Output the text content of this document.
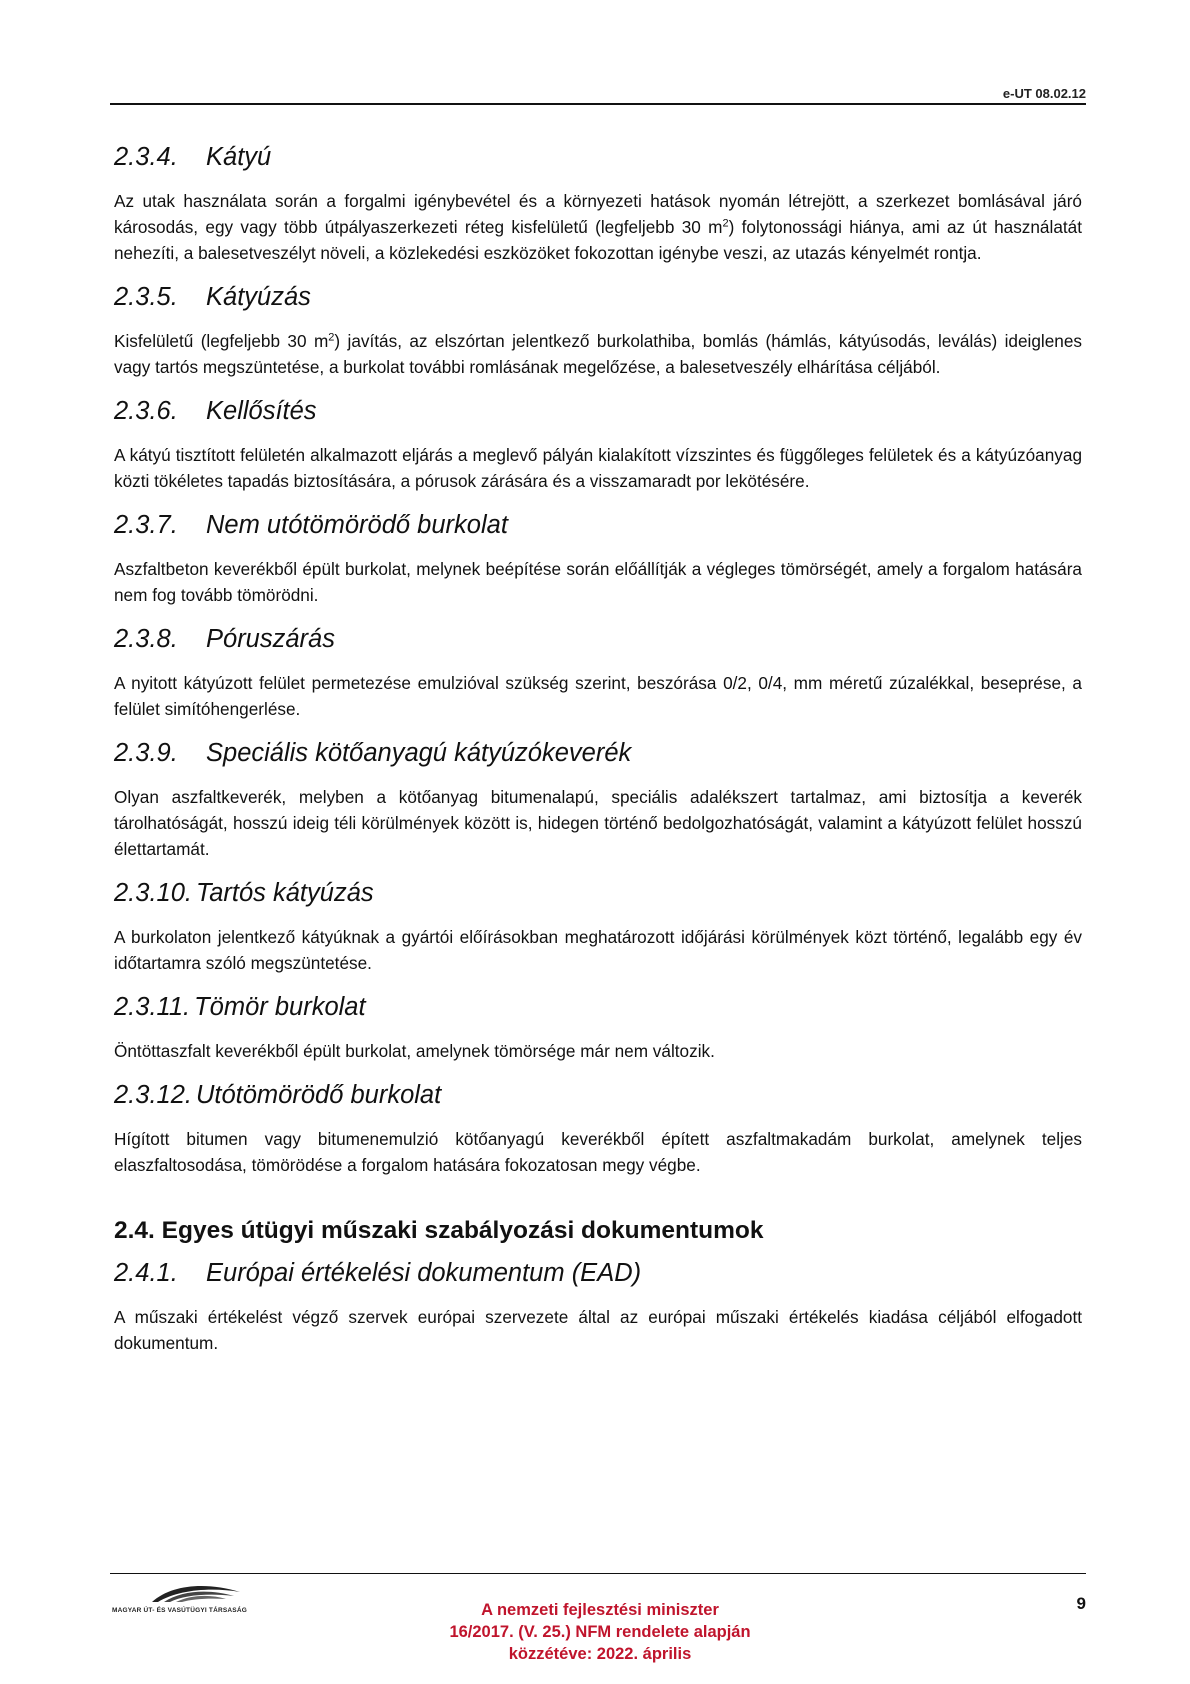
e-UT 08.02.12
2.3.4.	Kátyú

Az utak használata során a forgalmi igénybevétel és a környezeti hatások nyomán létrejött, a szerkezet bomlásával járó károsodás, egy vagy több útpályaszerkezeti réteg kisfelületű (legfeljebb 30 $m^2$) folytonossági hiánya, ami az út használatát nehezíti, a balesetveszélyt növeli, a közlekedési eszközöket fokozottan igénybe veszi, az utazás kényelmét rontja.

2.3.5.	Kátyúzás

Kisfelületű (legfeljebb 30 $m^2$) javítás, az elszórtan jelentkező burkolathiba, bomlás (hámlás, kátyúsodás, leválás) ideiglenes vagy tartós megszüntetése, a burkolat további romlásának megelőzése, a balesetveszély elhárítása céljából.

2.3.6.	Kellősítés

A kátyú tisztított felületén alkalmazott eljárás a meglevő pályán kialakított vízszintes és függőleges felületek és a kátyúzóanyag közti tökéletes tapadás biztosítására, a pórusok zárására és a visszamaradt por lekötésére.

2.3.7.	Nem utótömörödő burkolat

Aszfaltbeton keverékből épült burkolat, melynek beépítése során előállítják a végleges tömörségét, amely a forgalom hatására nem fog tovább tömörödni.

2.3.8.	Póruszárás

A nyitott kátyúzott felület permetezése emulzióval szükség szerint, beszórása 0/2, 0/4, mm méretű zúzalékkal, beseprése, a felület simítóhengerlése.

2.3.9.	Speciális kötőanyagú kátyúzókeverék

Olyan aszfaltkeverék, melyben a kötőanyag bitumenalapú, speciális adalékszert tartalmaz, ami biztosítja a keverék tárolhatóságát, hosszú ideig téli körülmények között is, hidegen történő bedolgozhatóságát, valamint a kátyúzott felület hosszú élettartamát.

2.3.10. Tartós kátyúzás

A burkolaton jelentkező kátyúknak a gyártói előírásokban meghatározott időjárási körülmények közt történő, legalább egy év időtartamra szóló megszüntetése.

2.3.11. Tömör burkolat

Öntöttaszfalt keverékből épült burkolat, amelynek tömörsége már nem változik.

2.3.12. Utótömörödő burkolat

Hígított bitumen vagy bitumenemulzió kötőanyagú keverékből épített aszfaltmakadám burkolat, amelynek teljes elaszfaltosodása, tömörödése a forgalom hatására fokozatosan megy végbe.

2.4. Egyes útügyi műszaki szabályozási dokumentumok
2.4.1.	Európai értékelési dokumentum (EAD)

A műszaki értékelést végző szervek európai szervezete által az európai műszaki értékelés kiadása céljából elfogadott dokumentum.

MAGYAR ÚT- ÉS VASÚTÜGYI TÁRSASÁG	A nemzeti fejlesztési miniszter
16/2017. (V. 25.) NFM rendelete alapján
közzétéve: 2022. április
9
